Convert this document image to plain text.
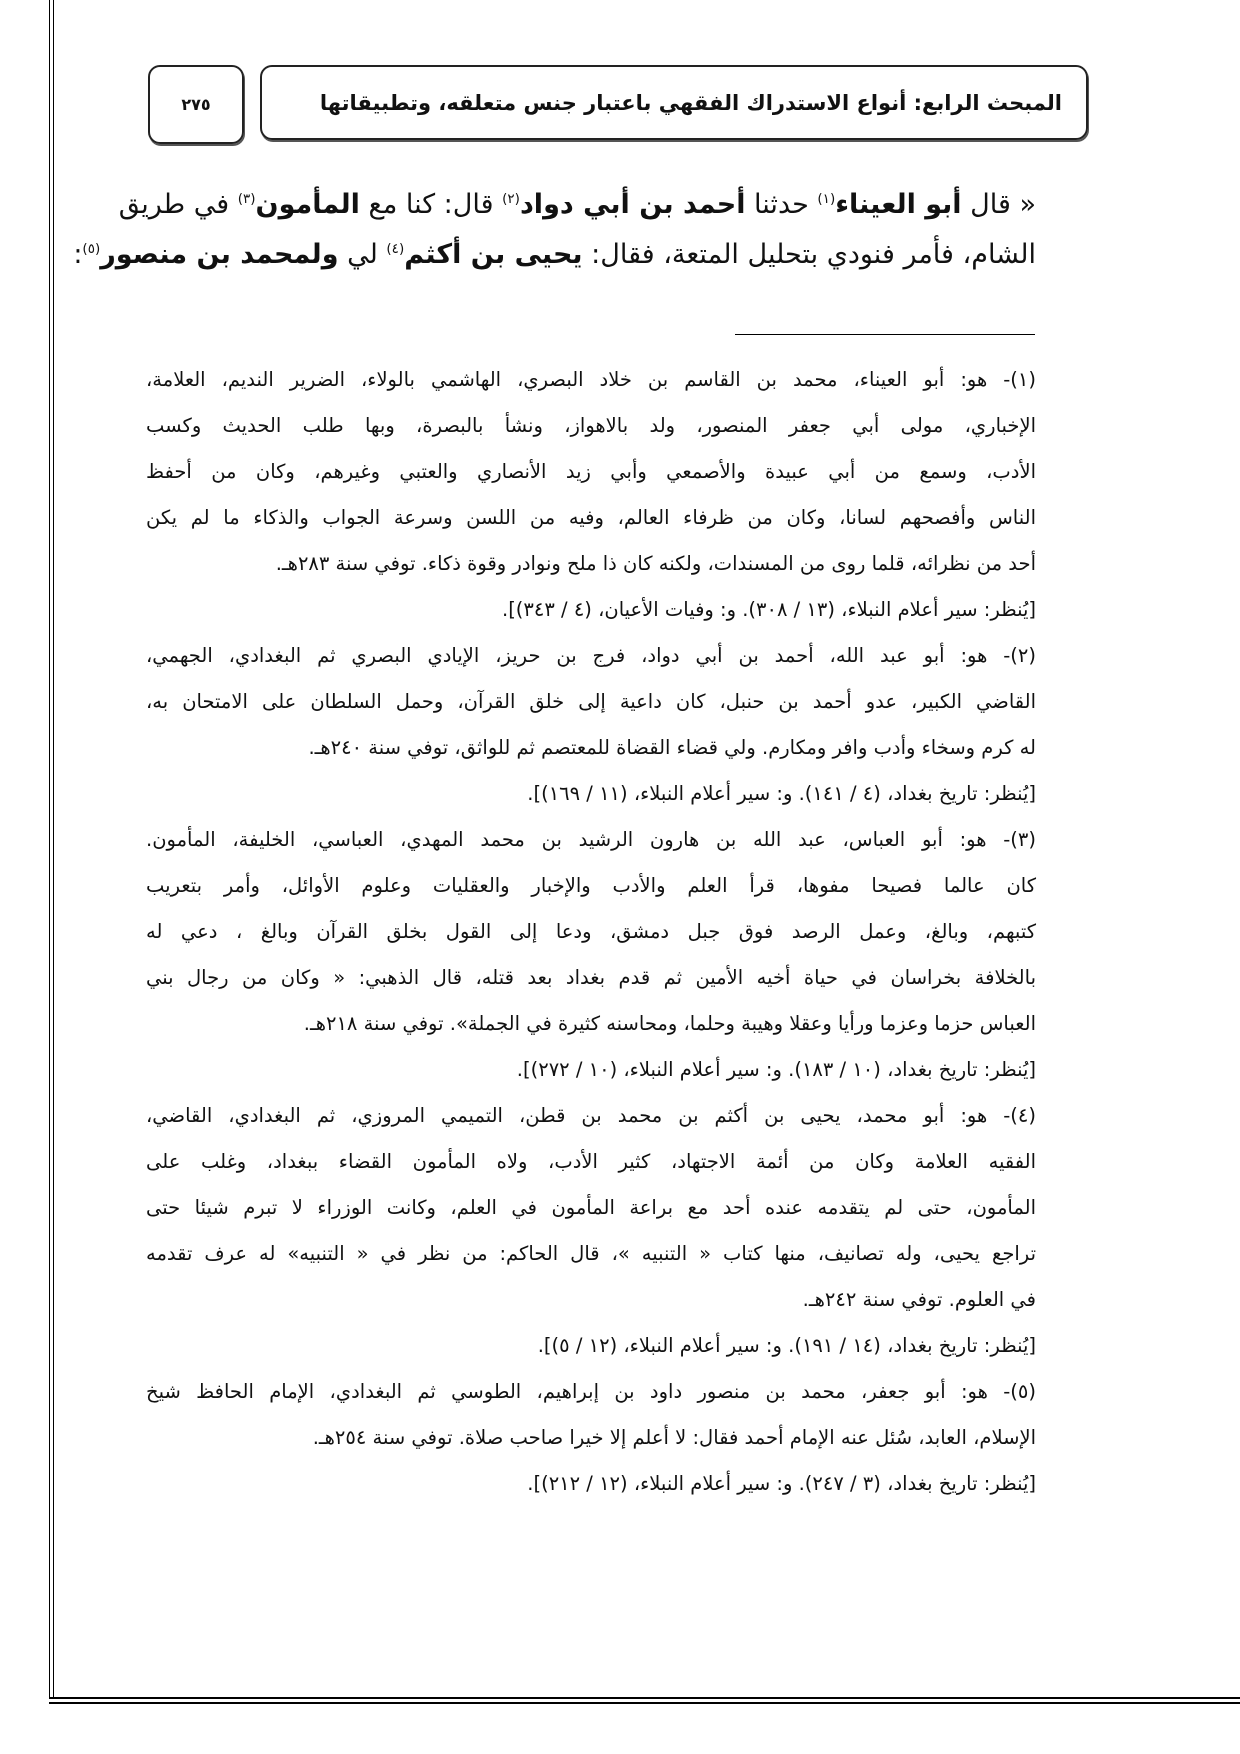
٢٧٥	المبحث الرابع: أنواع الاستدراك الفقهي باعتبار جنس متعلقه، وتطبيقاتها
« قال أبو العيناء$^{(١)}$ حدثنا أحمد بن أبي دواد$^{(٢)}$ قال: كنا مع المأمون$^{(٣)}$ في طريق
الشام، فأمر فنودي بتحليل المتعة، فقال: يحيى بن أكثم$^{(٤)}$ لي ولمحمد بن منصور$^{(٥)}$:
(١)- هو: أبو العيناء، محمد بن القاسم بن خلاد البصري، الهاشمي بالولاء، الضرير النديم، العلامة،
الإخباري، مولى أبي جعفر المنصور، ولد بالاهواز، ونشأ بالبصرة، وبها طلب الحديث وكسب
الأدب، وسمع من أبي عبيدة والأصمعي وأبي زيد الأنصاري والعتبي وغيرهم، وكان من أحفظ
الناس وأفصحهم لسانا، وكان من ظرفاء العالم، وفيه من اللسن وسرعة الجواب والذكاء ما لم يكن
أحد من نظرائه، قلما روى من المسندات، ولكنه كان ذا ملح ونوادر وقوة ذكاء. توفي سنة ٢٨٣هـ.
[يُنظر: سير أعلام النبلاء، (١٣ / ٣٠٨). و: وفيات الأعيان، (٤ / ٣٤٣)].
(٢)- هو: أبو عبد الله، أحمد بن أبي دواد، فرج بن حريز، الإيادي البصري ثم البغدادي، الجهمي،
القاضي الكبير، عدو أحمد بن حنبل، كان داعية إلى خلق القرآن، وحمل السلطان على الامتحان به،
له كرم وسخاء وأدب وافر ومكارم. ولي قضاء القضاة للمعتصم ثم للواثق، توفي سنة ٢٤٠هـ.
[يُنظر: تاريخ بغداد، (٤ / ١٤١). و: سير أعلام النبلاء، (١١ / ١٦٩)].
(٣)- هو: أبو العباس، عبد الله بن هارون الرشيد بن محمد المهدي، العباسي، الخليفة، المأمون.
كان عالما فصيحا مفوها، قرأ العلم والأدب والإخبار والعقليات وعلوم الأوائل، وأمر بتعريب
كتبهم، وبالغ، وعمل الرصد فوق جبل دمشق، ودعا إلى القول بخلق القرآن وبالغ ، دعي له
بالخلافة بخراسان في حياة أخيه الأمين ثم قدم بغداد بعد قتله، قال الذهبي: « وكان من رجال بني
العباس حزما وعزما ورأيا وعقلا وهيبة وحلما، ومحاسنه كثيرة في الجملة». توفي سنة ٢١٨هـ.
[يُنظر: تاريخ بغداد، (١٠ / ١٨٣). و: سير أعلام النبلاء، (١٠ / ٢٧٢)].
(٤)- هو: أبو محمد، يحيى بن أكثم بن محمد بن قطن، التميمي المروزي، ثم البغدادي، القاضي،
الفقيه العلامة وكان من أئمة الاجتهاد، كثير الأدب، ولاه المأمون القضاء ببغداد، وغلب على
المأمون، حتى لم يتقدمه عنده أحد مع براعة المأمون في العلم، وكانت الوزراء لا تبرم شيئا حتى
تراجع يحيى، وله تصانيف، منها كتاب « التنبيه »، قال الحاكم: من نظر في « التنبيه» له عرف تقدمه
في العلوم. توفي سنة ٢٤٢هـ.
[يُنظر: تاريخ بغداد، (١٤ / ١٩١). و: سير أعلام النبلاء، (١٢ / ٥)].
(٥)- هو: أبو جعفر، محمد بن منصور داود بن إبراهيم، الطوسي ثم البغدادي، الإمام الحافظ شيخ
الإسلام، العابد، سُئل عنه الإمام أحمد فقال: لا أعلم إلا خيرا صاحب صلاة. توفي سنة ٢٥٤هـ.
[يُنظر: تاريخ بغداد، (٣ / ٢٤٧). و: سير أعلام النبلاء، (١٢ / ٢١٢)].
